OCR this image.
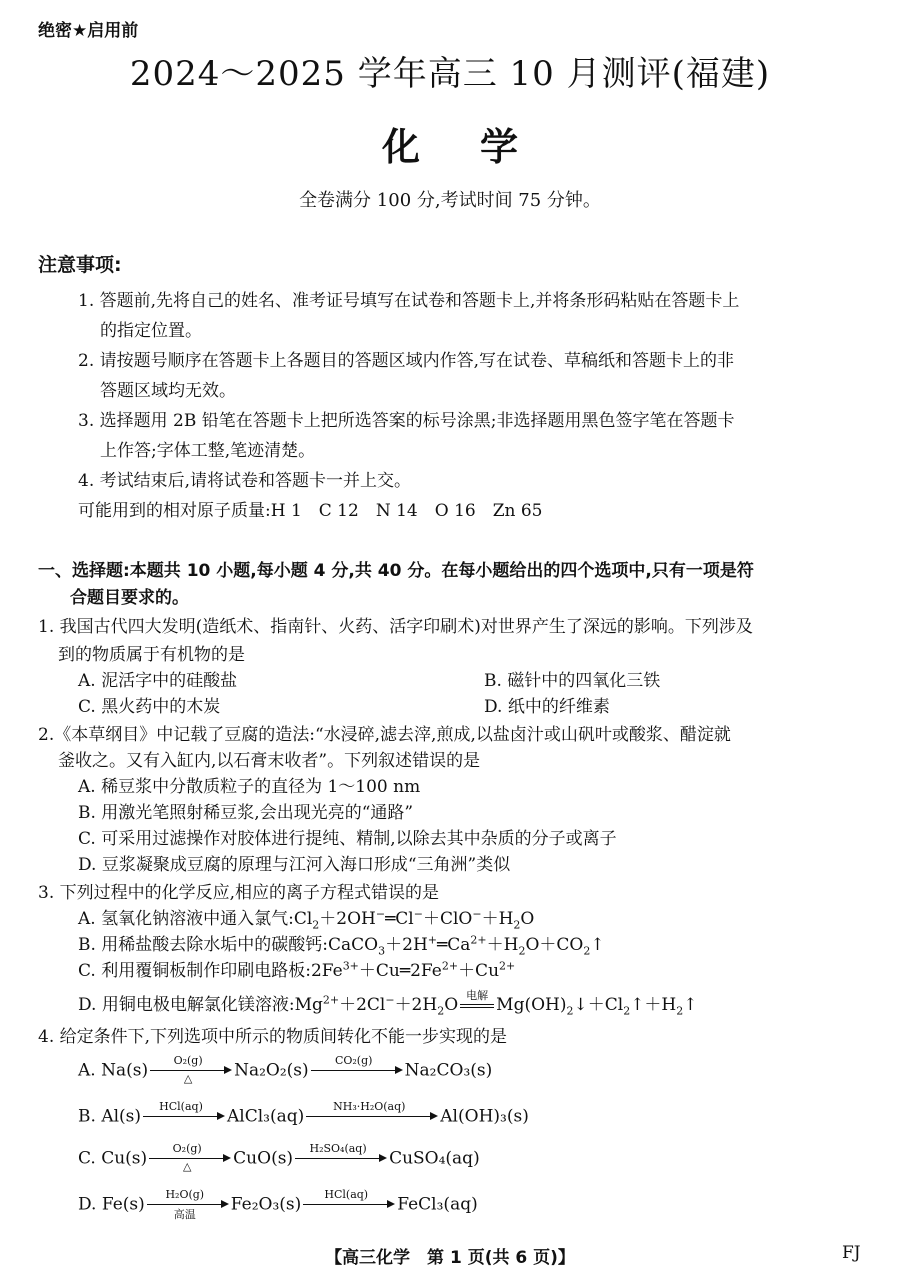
绝密★启用前
2024～2025 学年高三 10 月测评(福建)
化学
全卷满分 100 分,考试时间 75 分钟。
注意事项:
1. 答题前,先将自己的姓名、准考证号填写在试卷和答题卡上,并将条形码粘贴在答题卡上
的指定位置。
2. 请按题号顺序在答题卡上各题目的答题区域内作答,写在试卷、草稿纸和答题卡上的非
答题区域均无效。
3. 选择题用 2B 铅笔在答题卡上把所选答案的标号涂黑;非选择题用黑色签字笔在答题卡
上作答;字体工整,笔迹清楚。
4. 考试结束后,请将试卷和答题卡一并上交。
可能用到的相对原子质量:H 1　C 12　N 14　O 16　Zn 65
一、选择题:本题共 10 小题,每小题 4 分,共 40 分。在每小题给出的四个选项中,只有一项是符
合题目要求的。
1. 我国古代四大发明(造纸术、指南针、火药、活字印刷术)对世界产生了深远的影响。下列涉及
到的物质属于有机物的是
A. 泥活字中的硅酸盐	B. 磁针中的四氧化三铁
C. 黑火药中的木炭	D. 纸中的纤维素
2.《本草纲目》中记载了豆腐的造法:“水浸碎,滤去滓,煎成,以盐卤汁或山矾叶或酸浆、醋淀就
釜收之。又有入缸内,以石膏末收者”。下列叙述错误的是
A. 稀豆浆中分散质粒子的直径为 1～100 nm
B. 用激光笔照射稀豆浆,会出现光亮的“通路”
C. 可采用过滤操作对胶体进行提纯、精制,以除去其中杂质的分子或离子
D. 豆浆凝聚成豆腐的原理与江河入海口形成“三角洲”类似
3. 下列过程中的化学反应,相应的离子方程式错误的是
A. 氢氧化钠溶液中通入氯气$:Cl_2+2OH^-═Cl^-+ClO^-+H_2O$
B. 用稀盐酸去除水垢中的碳酸钙$:CaCO_3+2H^+═Ca^{2+}+H_2O+CO_2↑$
C. 利用覆铜板制作印刷电路板$:2Fe^{3+}+Cu═2Fe^{2+}+Cu^{2+}$
D. 用铜电极电解氯化镁溶液$:Mg^{2+}+2Cl^-+2H_2O$ 电解 $Mg(OH)_2↓+Cl_2↑+H_2↑$
4. 给定条件下,下列选项中所示的物质间转化不能一步实现的是
A. Na(s)	O₂(g)
△	Na₂O₂(s)	CO₂(g)	Na₂CO₃(s)
B. Al(s)	HCl(aq)	AlCl₃(aq)	NH₃·H₂O(aq)	Al(OH)₃(s)
C. Cu(s)	O₂(g)
△	CuO(s)	H₂SO₄(aq)	CuSO₄(aq)
D. Fe(s)	H₂O(g)
高温	Fe₂O₃(s)	HCl(aq)	FeCl₃(aq)
【高三化学　第 1 页(共 6 页)】	FJ
